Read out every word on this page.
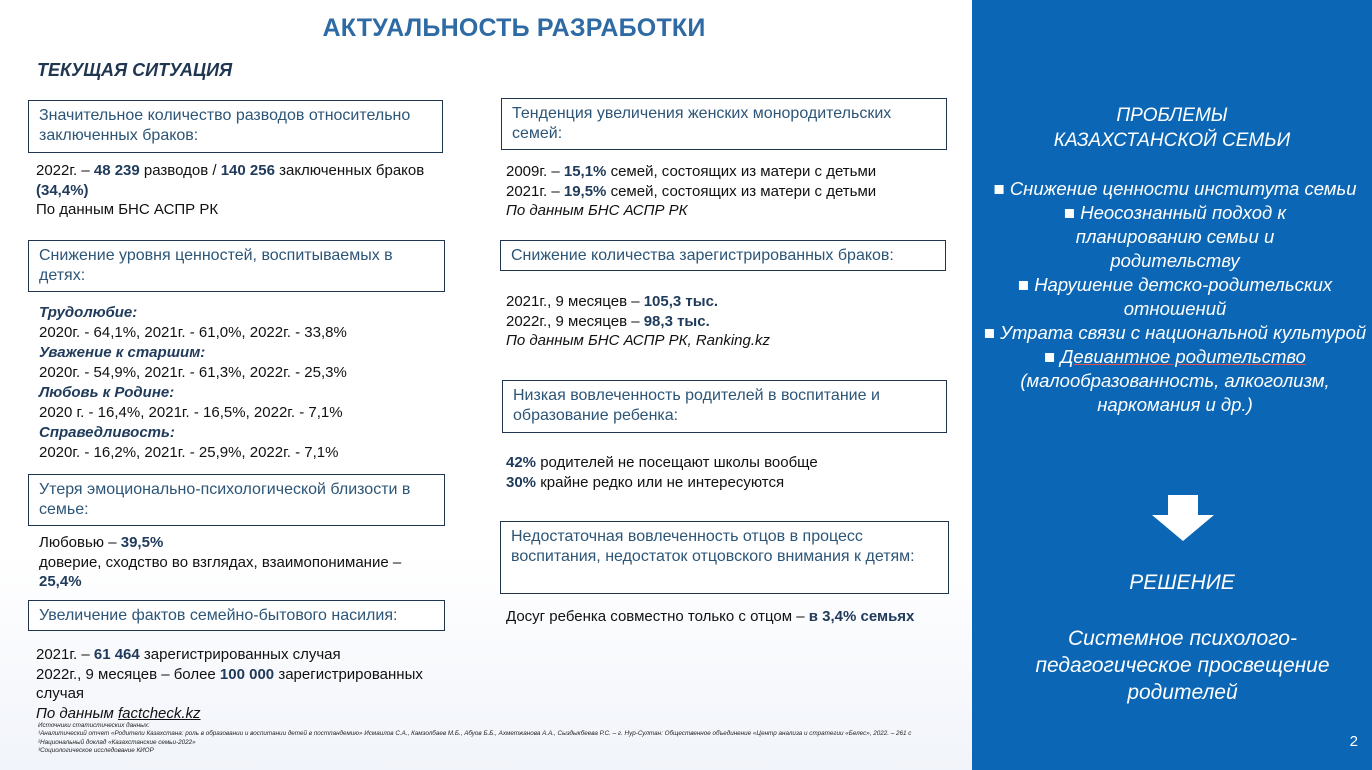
АКТУАЛЬНОСТЬ РАЗРАБОТКИ
ТЕКУЩАЯ СИТУАЦИЯ
Значительное количество разводов относительно заключенных браков:
2022г. – 48 239 разводов / 140 256 заключенных браков (34,4%)
По данным БНС АСПР РК
Снижение уровня ценностей, воспитываемых в детях:
Трудолюбие:
2020г. - 64,1%, 2021г. - 61,0%, 2022г. - 33,8%
Уважение к старшим:
2020г. - 54,9%, 2021г. - 61,3%, 2022г. - 25,3%
Любовь к Родине:
2020 г. - 16,4%, 2021г. - 16,5%, 2022г. - 7,1%
Справедливость:
2020г. - 16,2%, 2021г. - 25,9%, 2022г. - 7,1%
Утеря эмоционально-психологической близости в семье:
Любовью – 39,5%
доверие, сходство во взглядах, взаимопонимание – 25,4%
Увеличение фактов семейно-бытового насилия:
2021г. – 61 464 зарегистрированных случая
2022г., 9 месяцев – более 100 000 зарегистрированных случая
По данным factcheck.kz
Источники статистических данных:
¹Аналитический отчет «Родители Казахстана: роль в образовании и воспитании детей в постпандемию» Исмаилов С.А., Камзолбаев М.Б., Абуов Б.Б., Ахметжанова А.А., Сыздыкбеева Р.С. – г. Нур-Султан: Общественное объединение «Центр анализа и стратегии «Белес», 2022. – 261 с
²Национальный доклад «Казахстанские семьи-2022»
³Социологическое исследование КИОР
Тенденция увеличения женских монородительских семей:
2009г. – 15,1% семей, состоящих из матери с детьми
2021г. – 19,5% семей, состоящих из матери с детьми
По данным БНС АСПР РК
Снижение количества зарегистрированных браков:
2021г., 9 месяцев – 105,3 тыс.
2022г., 9 месяцев – 98,3 тыс.
По данным БНС АСПР РК, Ranking.kz
Низкая вовлеченность родителей в воспитание и образование ребенка:
42% родителей не посещают школы вообще
30% крайне редко или не интересуются
Недостаточная вовлеченность отцов в процесс воспитания, недостаток отцовского внимания к детям:
Досуг ребенка совместно только с отцом – в 3,4% семьях
ПРОБЛЕМЫ
КАЗАХСТАНСКОЙ СЕМЬИ
■ Снижение ценности института семьи
■ Неосознанный подход к планированию семьи и родительству
■ Нарушение детско-родительских отношений
■ Утрата связи с национальной культурой
■ Девиантное родительство
(малообразованность, алкоголизм, наркомания и др.)
РЕШЕНИЕ
Системное психолого-педагогическое просвещение родителей
2
